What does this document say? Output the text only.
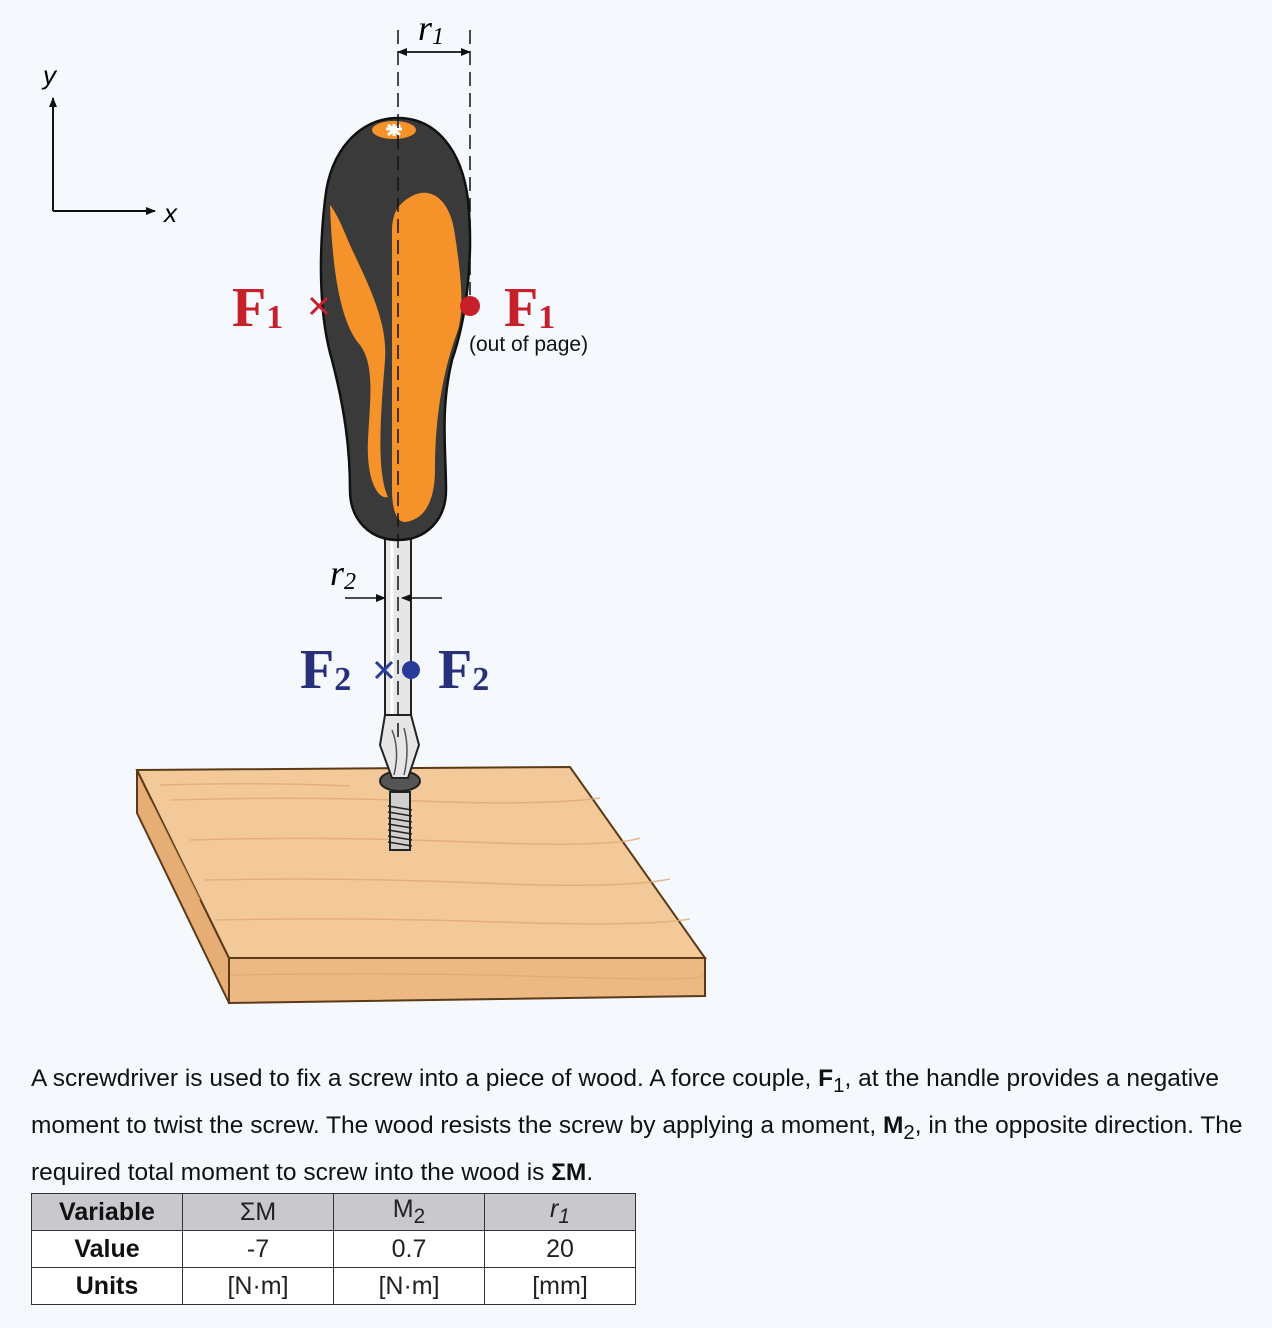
y
x
r1
r2
F1	F1
(out of page)
F2 F2

A screwdriver is used to fix a screw into a piece of wood. A force couple, $F_1$, at the handle provides a negative moment to twist the screw. The wood resists the screw by applying a moment, $M_2$, in the opposite direction. The required total moment to screw into the wood is ΣM.

Variable	ΣM	$M_2$	$r_1$
Value	-7	0.7	20
Units	[N·m]	[N·m]	[mm]
